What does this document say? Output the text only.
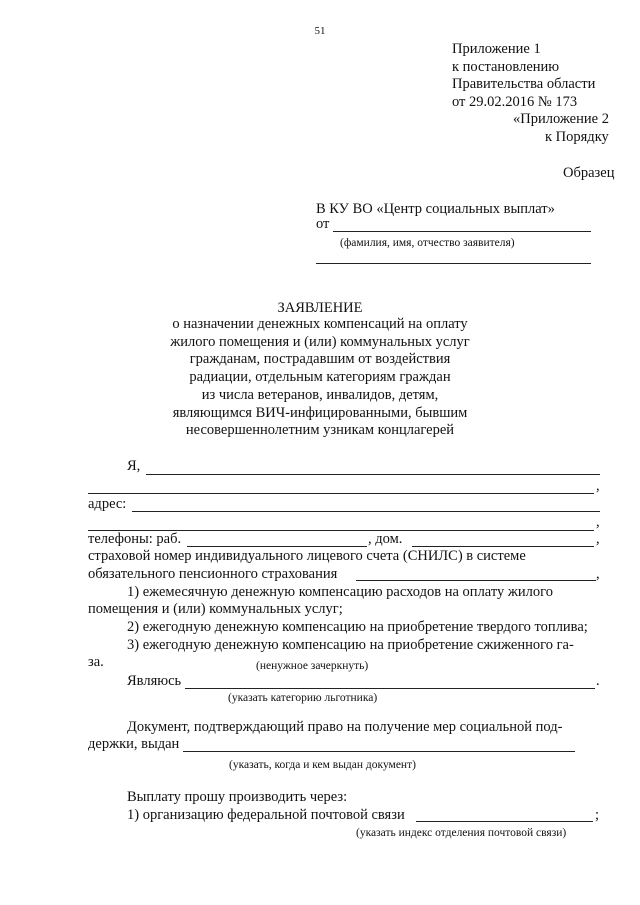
51
Приложение 1
к постановлению
Правительства области
от 29.02.2016 № 173
«Приложение 2
к Порядку
Образец
В КУ ВО «Центр социальных выплат»
от
(фамилия, имя, отчество заявителя)
ЗАЯВЛЕНИЕ
о назначении денежных компенсаций на оплату
жилого помещения и (или) коммунальных услуг
гражданам, пострадавшим от воздействия
радиации, отдельным категориям граждан
из числа ветеранов, инвалидов, детям,
являющимся ВИЧ-инфицированными, бывшим
несовершеннолетним узникам концлагерей
Я,
,
адрес:
,
телефоны: раб.	, дом.	,
страховой номер индивидуального лицевого счета (СНИЛС) в системе
обязательного пенсионного страхования	,
1) ежемесячную денежную компенсацию расходов на оплату жилого
помещения и (или) коммунальных услуг;
2) ежегодную денежную компенсацию на приобретение твердого топлива;
3) ежегодную денежную компенсацию на приобретение сжиженного га-
за.	(ненужное зачеркнуть)
Являюсь	.
(указать категорию льготника)
Документ, подтверждающий право на получение мер социальной под-
держки, выдан
(указать, когда и кем выдан документ)
Выплату прошу производить через:
1) организацию федеральной почтовой связи	;
(указать индекс отделения почтовой связи)
